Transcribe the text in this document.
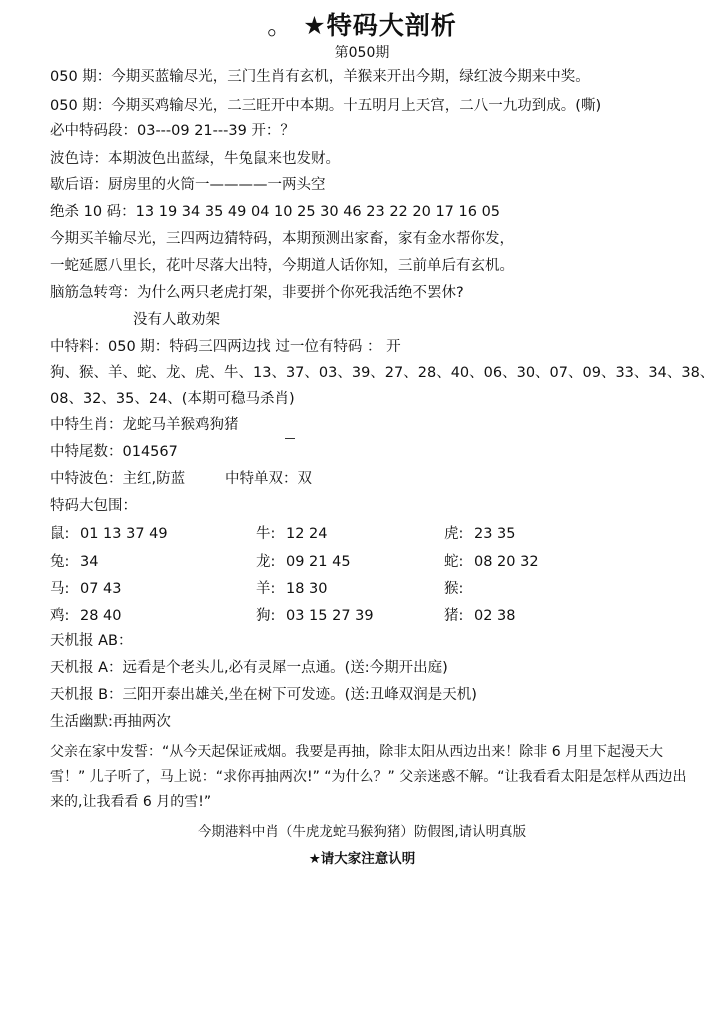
。 ★特码大剖析
第050期
050 期：今期买蓝输尽光，三门生肖有玄机，羊猴来开出今期，绿红波今期来中奖。
050 期：今期买鸡输尽光，二三旺开中本期。十五明月上天宫，二八一九功到成。(嘶)
必中特码段：03---09 21---39 开：？
波色诗：本期波色出蓝绿，牛兔鼠来也发财。
歇后语：厨房里的火筒一————一两头空
绝杀 10 码：13 19 34 35 49 04 10 25 30 46 23 22 20 17 16 05
今期买羊输尽光，三四两边猜特码，本期预测出家畜，家有金水帮你发，
一蛇延愿八里长，花叶尽落大出特，今期道人话你知，三前单后有玄机。
脑筋急转弯：为什么两只老虎打架，非要拼个你死我活绝不罢休?
没有人敢劝架
中特料：050 期：特码三四两边找 过一位有特码 ： 开
狗、猴、羊、蛇、龙、虎、牛、13、37、03、39、27、28、40、06、30、07、09、33、34、38、
08、32、35、24、(本期可稳马杀肖)
中特生肖：龙蛇马羊猴鸡狗猪
中特尾数：014567
中特波色：主红,防蓝	中特单双：双
特码大包围：
鼠: 01 13 37 49	牛: 12 24	虎: 23 35
兔: 34	龙: 09 21 45	蛇: 08 20 32
马: 07 43	羊: 18 30	猴:
鸡: 28 40	狗: 03 15 27 39	猪: 02 38
天机报 AB：
天机报 A：远看是个老头儿,必有灵犀一点通。(送:今期开出庭)
天机报 B：三阳开泰出雄关,坐在树下可发迹。(送:丑峰双润是天机)
生活幽默:再抽两次
父亲在家中发誓：“从今天起保证戒烟。我要是再抽，除非太阳从西边出来！除非 6 月里下起漫天大雪！” 儿子听了，马上说：“求你再抽两次!” “为什么？” 父亲迷惑不解。“让我看看太阳是怎样从西边出来的,让我看看 6 月的雪!”
今期港料中肖（牛虎龙蛇马猴狗猪）防假图,请认明真版
★请大家注意认明
